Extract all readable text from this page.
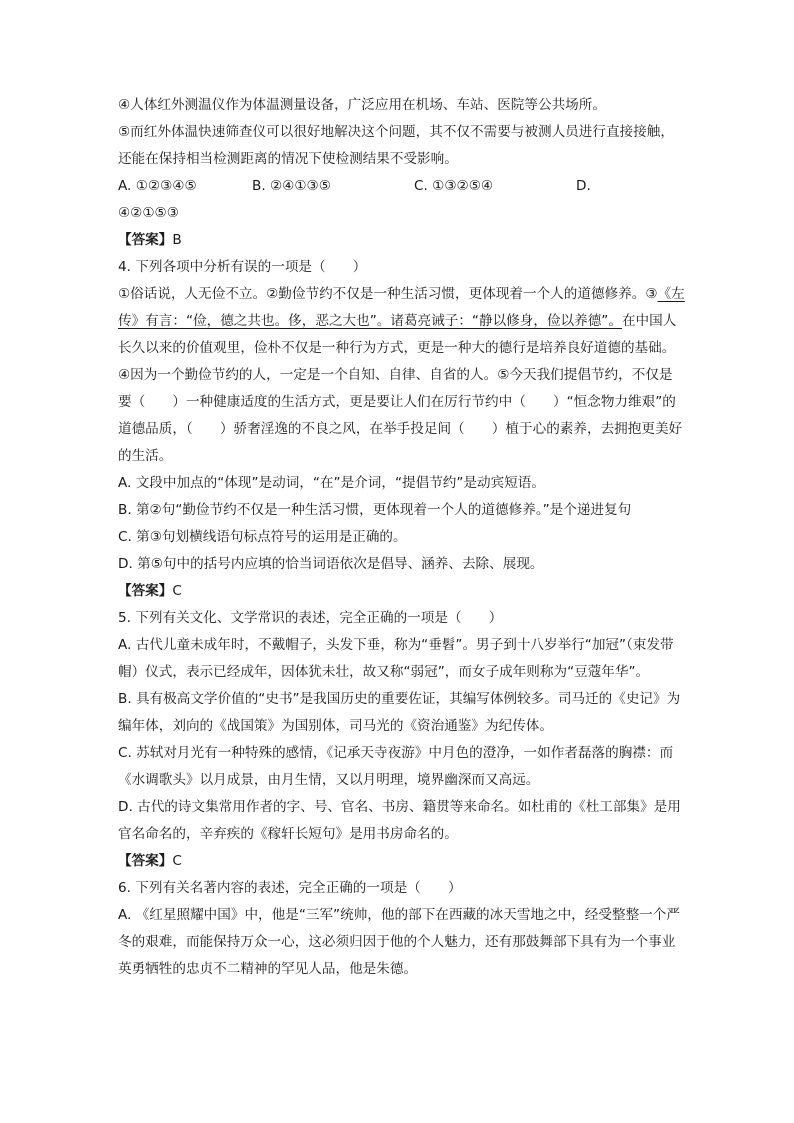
④人体红外测温仪作为体温测量设备，广泛应用在机场、车站、医院等公共场所。

⑤而红外体温快速筛查仪可以很好地解决这个问题，其不仅不需要与被测人员进行直接接触，还能在保持相当检测距离的情况下使检测结果不受影响。

A. ①②③④⑤	B. ②④①③⑤	C. ①③②⑤④	D.

④②①⑤③

【答案】B

4. 下列各项中分析有误的一项是（　　）

①俗话说，人无俭不立。②勤俭节约不仅是一种生活习惯，更体现着一个人的道德修养。③《左传》有言：“俭，德之共也。侈，恶之大也”。诸葛亮诫子：“静以修身，俭以养德”。在中国人长久以来的价值观里，俭朴不仅是一种行为方式，更是一种大的德行是培养良好道德的基础。④因为一个勤俭节约的人，一定是一个自知、自律、自省的人。⑤今天我们提倡节约，不仅是要（　　）一种健康适度的生活方式，更是要让人们在厉行节约中（　　）“恒念物力维艰”的道德品质，（　　）骄奢淫逸的不良之风，在举手投足间（　　）植于心的素养，去拥抱更美好的生活。

A. 文段中加点的“体现”是动词，“在”是介词，“提倡节约”是动宾短语。

B. 第②句“勤俭节约不仅是一种生活习惯，更体现着一个人的道德修养。”是个递进复句

C. 第③句划横线语句标点符号的运用是正确的。

D. 第⑤句中的括号内应填的恰当词语依次是倡导、涵养、去除、展现。

【答案】C

5. 下列有关文化、文学常识的表述，完全正确的一项是（　　）

A. 古代儿童未成年时，不戴帽子，头发下垂，称为“垂髫”。男子到十八岁举行“加冠”（束发带帽）仪式，表示已经成年，因体犹未壮，故又称“弱冠”，而女子成年则称为“豆蔻年华”。

B. 具有极高文学价值的“史书”是我国历史的重要佐证，其编写体例较多。司马迁的《史记》为编年体，刘向的《战国策》为国别体，司马光的《资治通鉴》为纪传体。

C. 苏轼对月光有一种特殊的感情，《记承天寺夜游》中月色的澄净，一如作者磊落的胸襟：而《水调歌头》以月成景，由月生情，又以月明理，境界幽深而又高远。

D. 古代的诗文集常用作者的字、号、官名、书房、籍贯等来命名。如杜甫的《杜工部集》是用官名命名的，辛弃疾的《稼轩长短句》是用书房命名的。

【答案】C

6. 下列有关名著内容的表述，完全正确的一项是（　　）

A. 《红星照耀中国》中，他是“三军”统帅，他的部下在西藏的冰天雪地之中，经受整整一个严冬的艰难，而能保持万众一心，这必须归因于他的个人魅力，还有那鼓舞部下具有为一个事业英勇牺牲的忠贞不二精神的罕见人品，他是朱德。
